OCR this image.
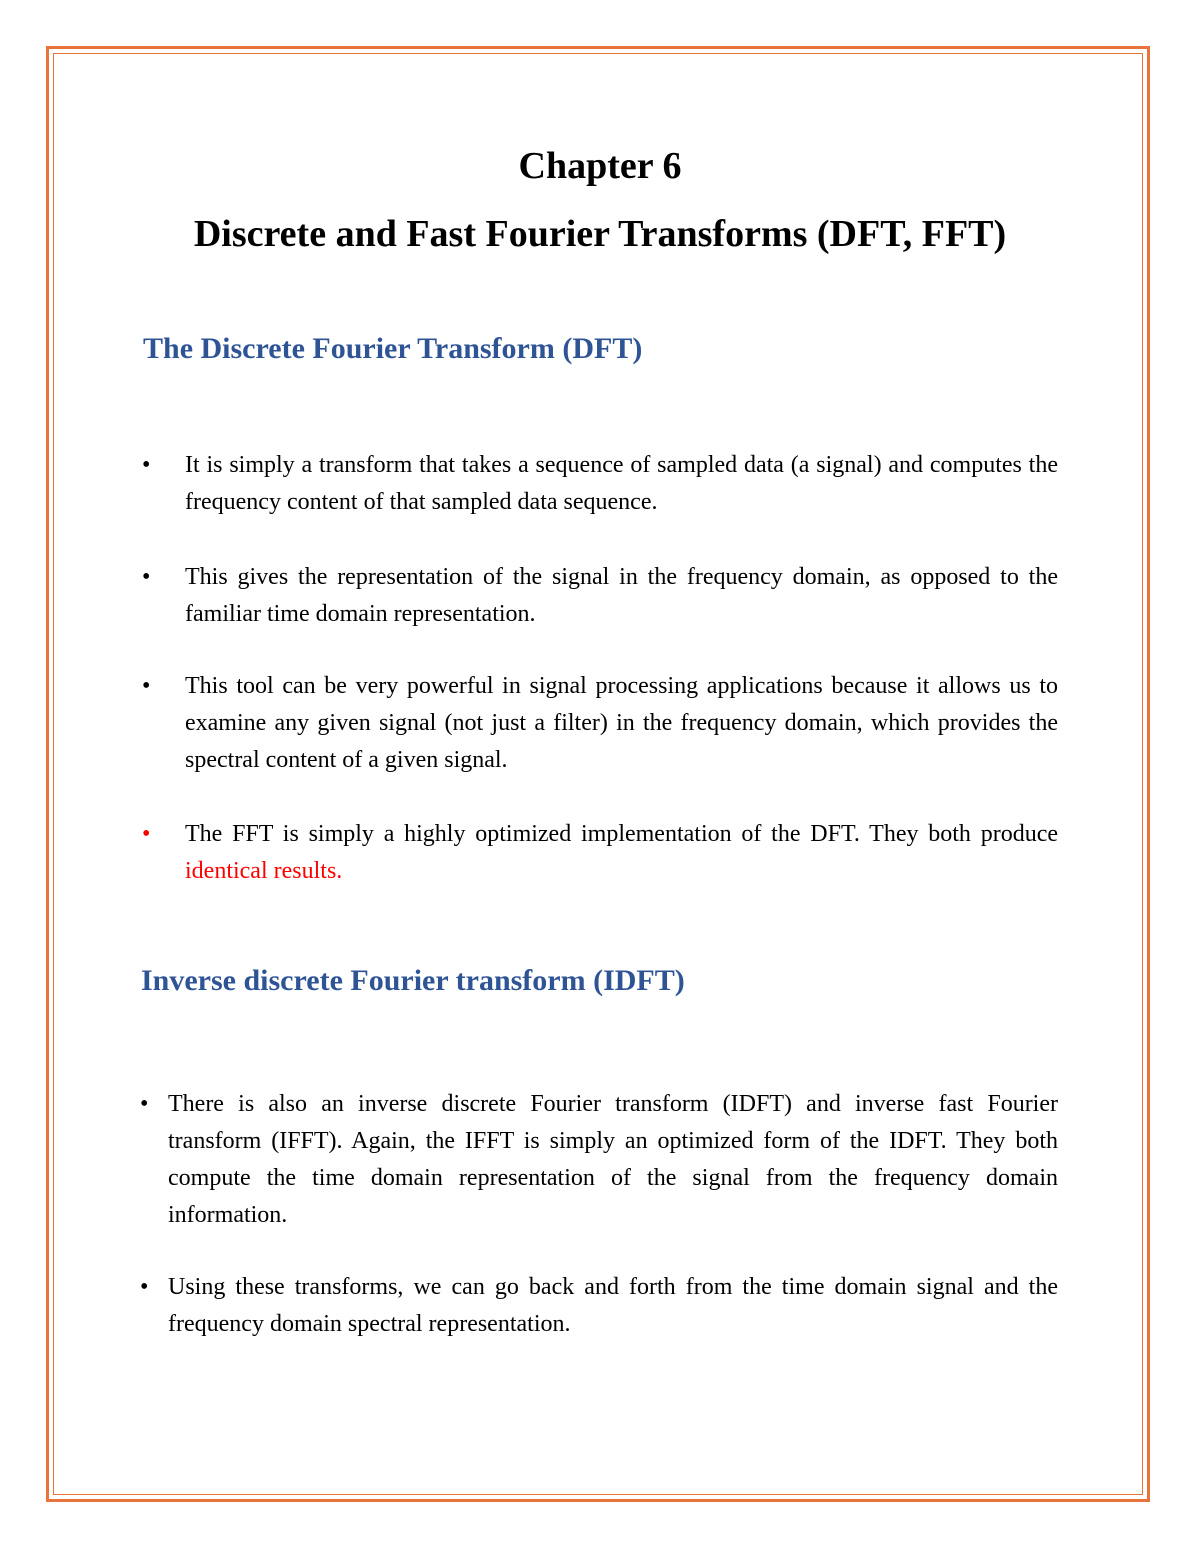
Chapter 6
Discrete and Fast Fourier Transforms (DFT, FFT)
The Discrete Fourier Transform (DFT)
• It is simply a transform that takes a sequence of sampled data (a signal) and computes the frequency content of that sampled data sequence.
• This gives the representation of the signal in the frequency domain, as opposed to the familiar time domain representation.
• This tool can be very powerful in signal processing applications because it allows us to examine any given signal (not just a filter) in the frequency domain, which provides the spectral content of a given signal.
• The FFT is simply a highly optimized implementation of the DFT. They both produce identical results.
Inverse discrete Fourier transform (IDFT)
• There is also an inverse discrete Fourier transform (IDFT) and inverse fast Fourier transform (IFFT). Again, the IFFT is simply an optimized form of the IDFT. They both compute the time domain representation of the signal from the frequency domain information.
• Using these transforms, we can go back and forth from the time domain signal and the frequency domain spectral representation.
